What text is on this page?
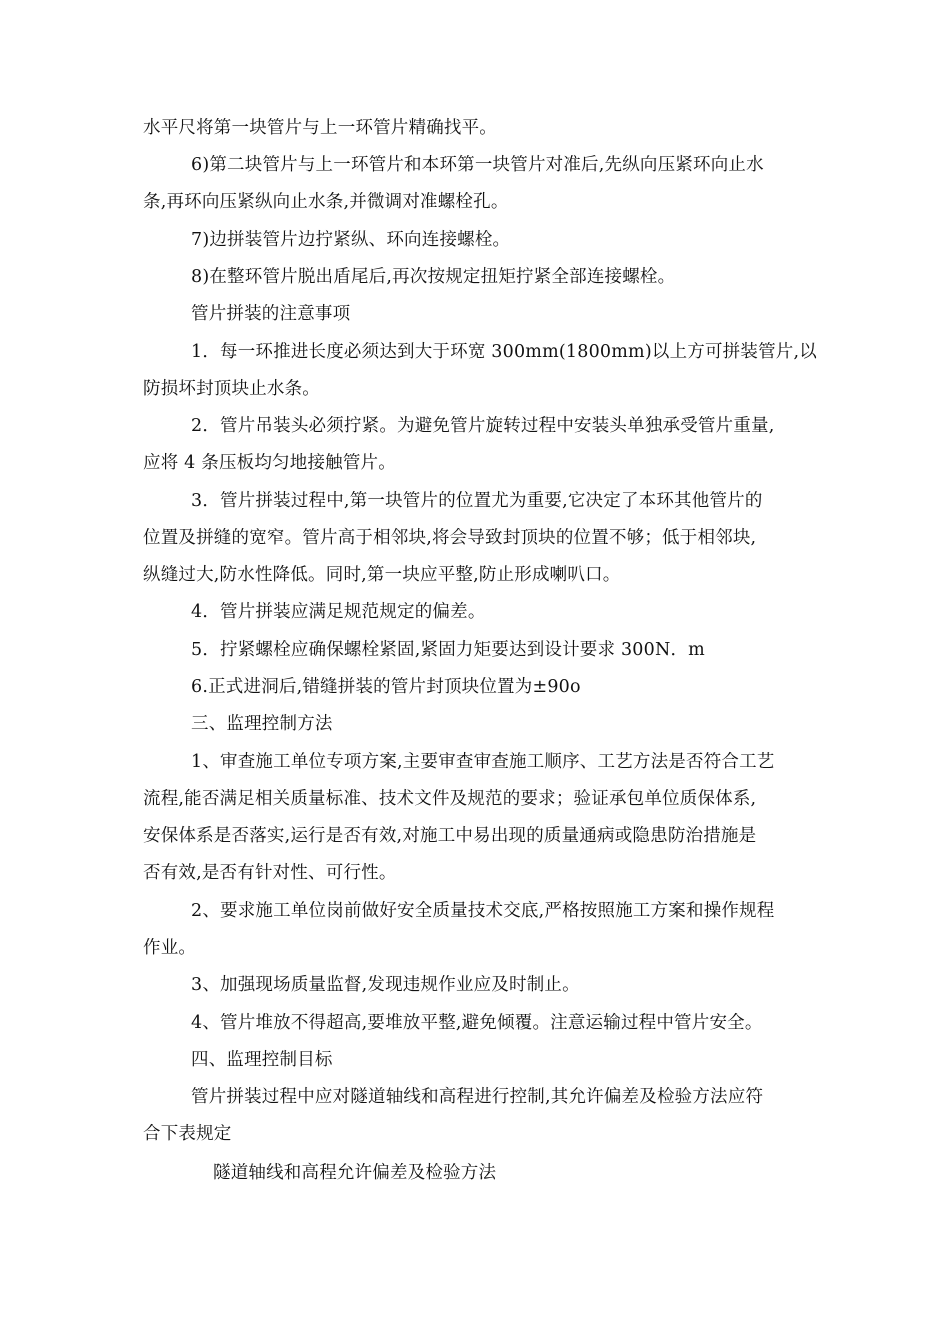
水平尺将第一块管片与上一环管片精确找平。
6)第二块管片与上一环管片和本环第一块管片对准后,先纵向压紧环向止水
条,再环向压紧纵向止水条,并微调对准螺栓孔。
7)边拼装管片边拧紧纵、环向连接螺栓。
8)在整环管片脱出盾尾后,再次按规定扭矩拧紧全部连接螺栓。
管片拼装的注意事项
1．每一环推进长度必须达到大于环宽 300mm(1800mm)以上方可拼装管片,以
防损坏封顶块止水条。
2．管片吊装头必须拧紧。为避免管片旋转过程中安装头单独承受管片重量,
应将 4 条压板均匀地接触管片。
3．管片拼装过程中,第一块管片的位置尤为重要,它决定了本环其他管片的
位置及拼缝的宽窄。管片高于相邻块,将会导致封顶块的位置不够；低于相邻块,
纵缝过大,防水性降低。同时,第一块应平整,防止形成喇叭口。
4．管片拼装应满足规范规定的偏差。
5．拧紧螺栓应确保螺栓紧固,紧固力矩要达到设计要求 300N．m
6.正式进洞后,错缝拼装的管片封顶块位置为±90o
三、监理控制方法
1、审查施工单位专项方案,主要审查审查施工顺序、工艺方法是否符合工艺
流程,能否满足相关质量标准、技术文件及规范的要求；验证承包单位质保体系,
安保体系是否落实,运行是否有效,对施工中易出现的质量通病或隐患防治措施是
否有效,是否有针对性、可行性。
2、要求施工单位岗前做好安全质量技术交底,严格按照施工方案和操作规程
作业。
3、加强现场质量监督,发现违规作业应及时制止。
4、管片堆放不得超高,要堆放平整,避免倾覆。注意运输过程中管片安全。
四、监理控制目标
管片拼装过程中应对隧道轴线和高程进行控制,其允许偏差及检验方法应符
合下表规定
隧道轴线和高程允许偏差及检验方法
